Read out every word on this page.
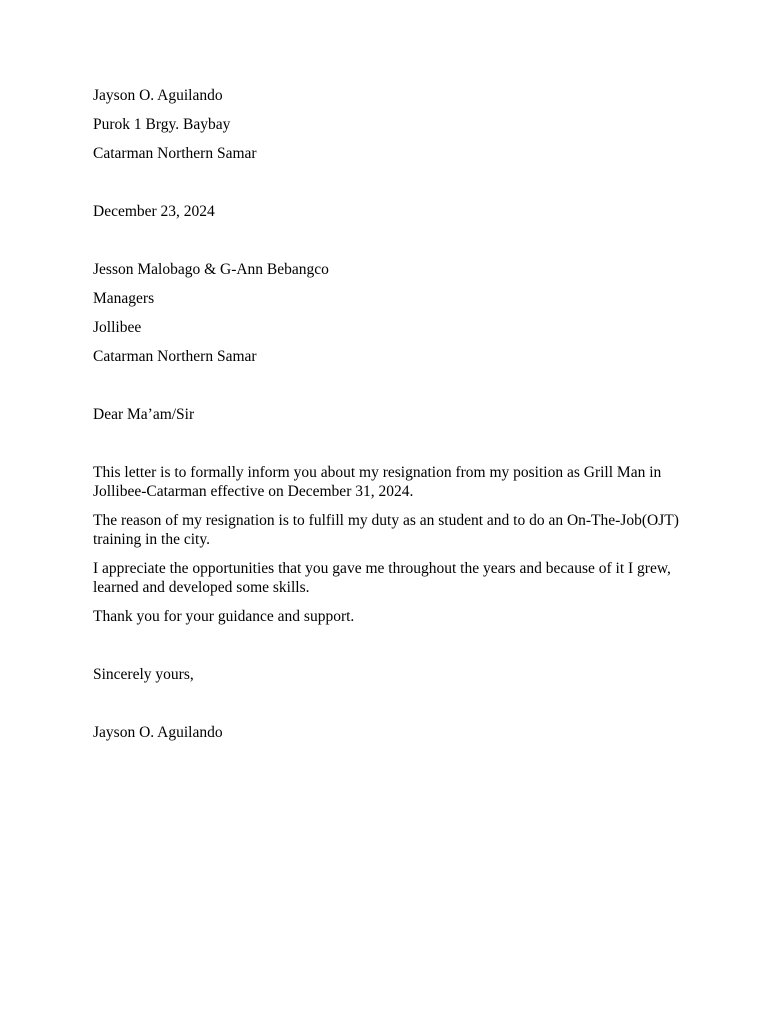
Jayson O. Aguilando
Purok 1 Brgy. Baybay
Catarman Northern Samar
December 23, 2024
Jesson Malobago & G-Ann Bebangco
Managers
Jollibee
Catarman Northern Samar
Dear Ma’am/Sir
This letter is to formally inform you about my resignation from my position as Grill Man in Jollibee-Catarman effective on December 31, 2024.
The reason of my resignation is to fulfill my duty as an student and to do an On-The-Job(OJT) training in the city.
I appreciate the opportunities that you gave me throughout the years and because of it I grew, learned and developed some skills.
Thank you for your guidance and support.
Sincerely yours,
Jayson O. Aguilando
